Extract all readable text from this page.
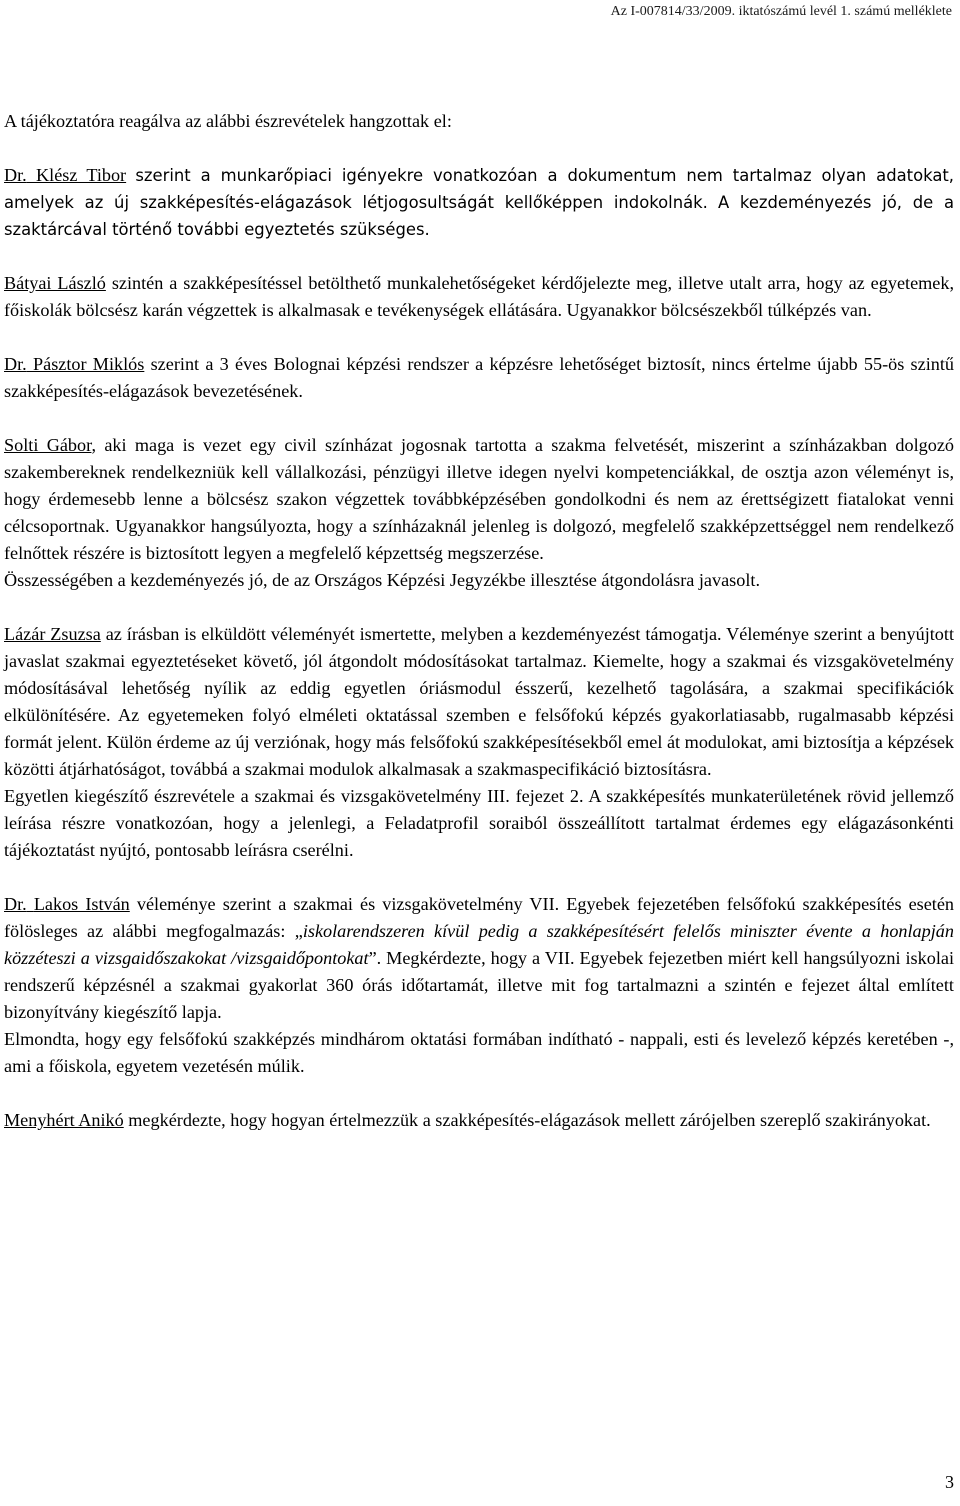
Az I-007814/33/2009. iktatószámú levél 1. számú melléklete

A tájékoztatóra reagálva az alábbi észrevételek hangzottak el:

Dr. Klész Tibor szerint a munkarőpiaci igényekre vonatkozóan a dokumentum nem tartalmaz olyan adatokat, amelyek az új szakképesítés-elágazások létjogosultságát kellőképpen indokolnák. A kezdeményezés jó, de a szaktárcával történő további egyeztetés szükséges.

Bátyai László szintén a szakképesítéssel betölthető munkalehetőségeket kérdőjelezte meg, illetve utalt arra, hogy az egyetemek, főiskolák bölcsész karán végzettek is alkalmasak e tevékenységek ellátására. Ugyanakkor bölcsészekből túlképzés van.

Dr. Pásztor Miklós szerint a 3 éves Bolognai képzési rendszer a képzésre lehetőséget biztosít, nincs értelme újabb 55-ös szintű szakképesítés-elágazások bevezetésének.

Solti Gábor, aki maga is vezet egy civil színházat jogosnak tartotta a szakma felvetését, miszerint a színházakban dolgozó szakembereknek rendelkezniük kell vállalkozási, pénzügyi illetve idegen nyelvi kompetenciákkal, de osztja azon véleményt is, hogy érdemesebb lenne a bölcsész szakon végzettek továbbképzésében gondolkodni és nem az érettségizett fiatalokat venni célcsoportnak. Ugyanakkor hangsúlyozta, hogy a színházaknál jelenleg is dolgozó, megfelelő szakképzettséggel nem rendelkező felnőttek részére is biztosított legyen a megfelelő képzettség megszerzése.

Összességében a kezdeményezés jó, de az Országos Képzési Jegyzékbe illesztése átgondolásra javasolt.

Lázár Zsuzsa az írásban is elküldött véleményét ismertette, melyben a kezdeményezést támogatja. Véleménye szerint a benyújtott javaslat szakmai egyeztetéseket követő, jól átgondolt módosításokat tartalmaz. Kiemelte, hogy a szakmai és vizsgakövetelmény módosításával lehetőség nyílik az eddig egyetlen óriásmodul ésszerű, kezelhető tagolására, a szakmai specifikációk elkülönítésére. Az egyetemeken folyó elméleti oktatással szemben e felsőfokú képzés gyakorlatiasabb, rugalmasabb képzési formát jelent. Külön érdeme az új verziónak, hogy más felsőfokú szakképesítésekből emel át modulokat, ami biztosítja a képzések közötti átjárhatóságot, továbbá a szakmai modulok alkalmasak a szakmaspecifikáció biztosításra.

Egyetlen kiegészítő észrevétele a szakmai és vizsgakövetelmény III. fejezet 2. A szakképesítés munkaterületének rövid jellemző leírása részre vonatkozóan, hogy a jelenlegi, a Feladatprofil soraiból összeállított tartalmat érdemes egy elágazásonkénti tájékoztatást nyújtó, pontosabb leírásra cserélni.

Dr. Lakos István véleménye szerint a szakmai és vizsgakövetelmény VII. Egyebek fejezetében felsőfokú szakképesítés esetén fölösleges az alábbi megfogalmazás: „iskolarendszeren kívül pedig a szakképesítésért felelős miniszter évente a honlapján közzéteszi a vizsgaidőszakokat /vizsgaidőpontokat”. Megkérdezte, hogy a VII. Egyebek fejezetben miért kell hangsúlyozni iskolai rendszerű képzésnél a szakmai gyakorlat 360 órás időtartamát, illetve mit fog tartalmazni a szintén e fejezet által említett bizonyítvány kiegészítő lapja.

Elmondta, hogy egy felsőfokú szakképzés mindhárom oktatási formában indítható - nappali, esti és levelező képzés keretében -, ami a főiskola, egyetem vezetésén múlik.

Menyhért Anikó megkérdezte, hogy hogyan értelmezzük a szakképesítés-elágazások mellett zárójelben szereplő szakirányokat.

3
